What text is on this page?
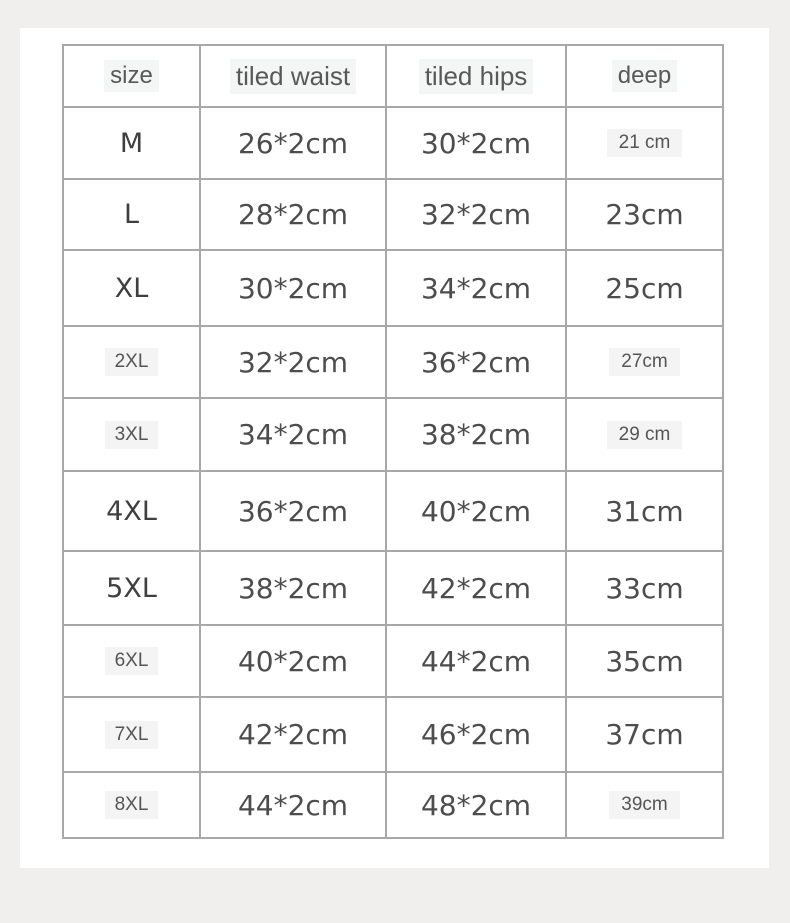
size	tiled waist	tiled hips	deep
M	26*2cm	30*2cm	21 cm
L	28*2cm	32*2cm	23cm
XL	30*2cm	34*2cm	25cm
2XL	32*2cm	36*2cm	27cm
3XL	34*2cm	38*2cm	29 cm
4XL	36*2cm	40*2cm	31cm
5XL	38*2cm	42*2cm	33cm
6XL	40*2cm	44*2cm	35cm
7XL	42*2cm	46*2cm	37cm
8XL	44*2cm	48*2cm	39cm
